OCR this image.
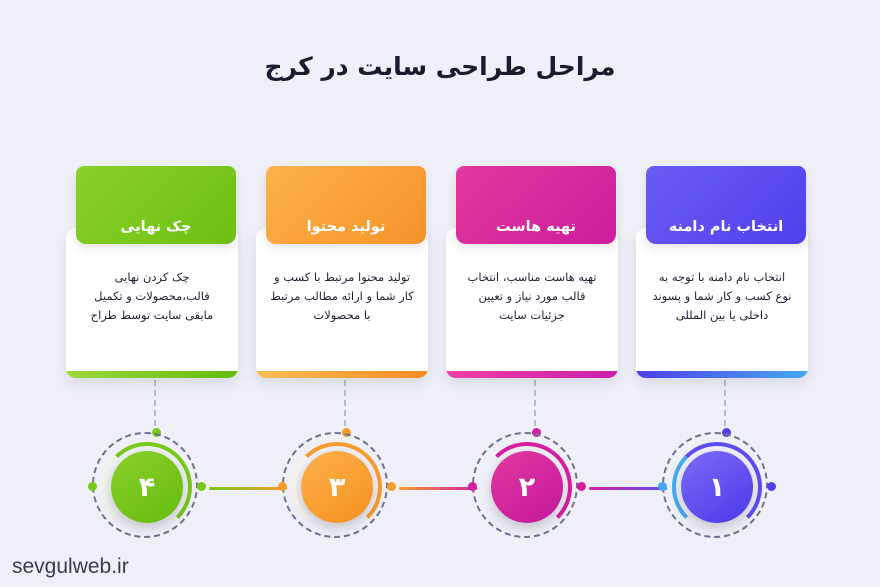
مراحل طراحی سایت در کرج
انتخاب نام دامنه
انتخاب نام دامنه با توجه به نوع کسب و کار شما و پسوند داخلی یا بین المللی
تهیه هاست
تهیه هاست مناسب، انتخاب قالب مورد نیاز و تعیین جزئیات سایت
تولید محتوا
تولید محتوا مرتبط با کسب و کار شما و ارائه مطالب مرتبط با محصولات
چک نهایی
چک کردن نهایی قالب،محصولات و تکمیل مابقی سایت توسط طراح
۱
۲
۳
۴
sevgulweb.ir
